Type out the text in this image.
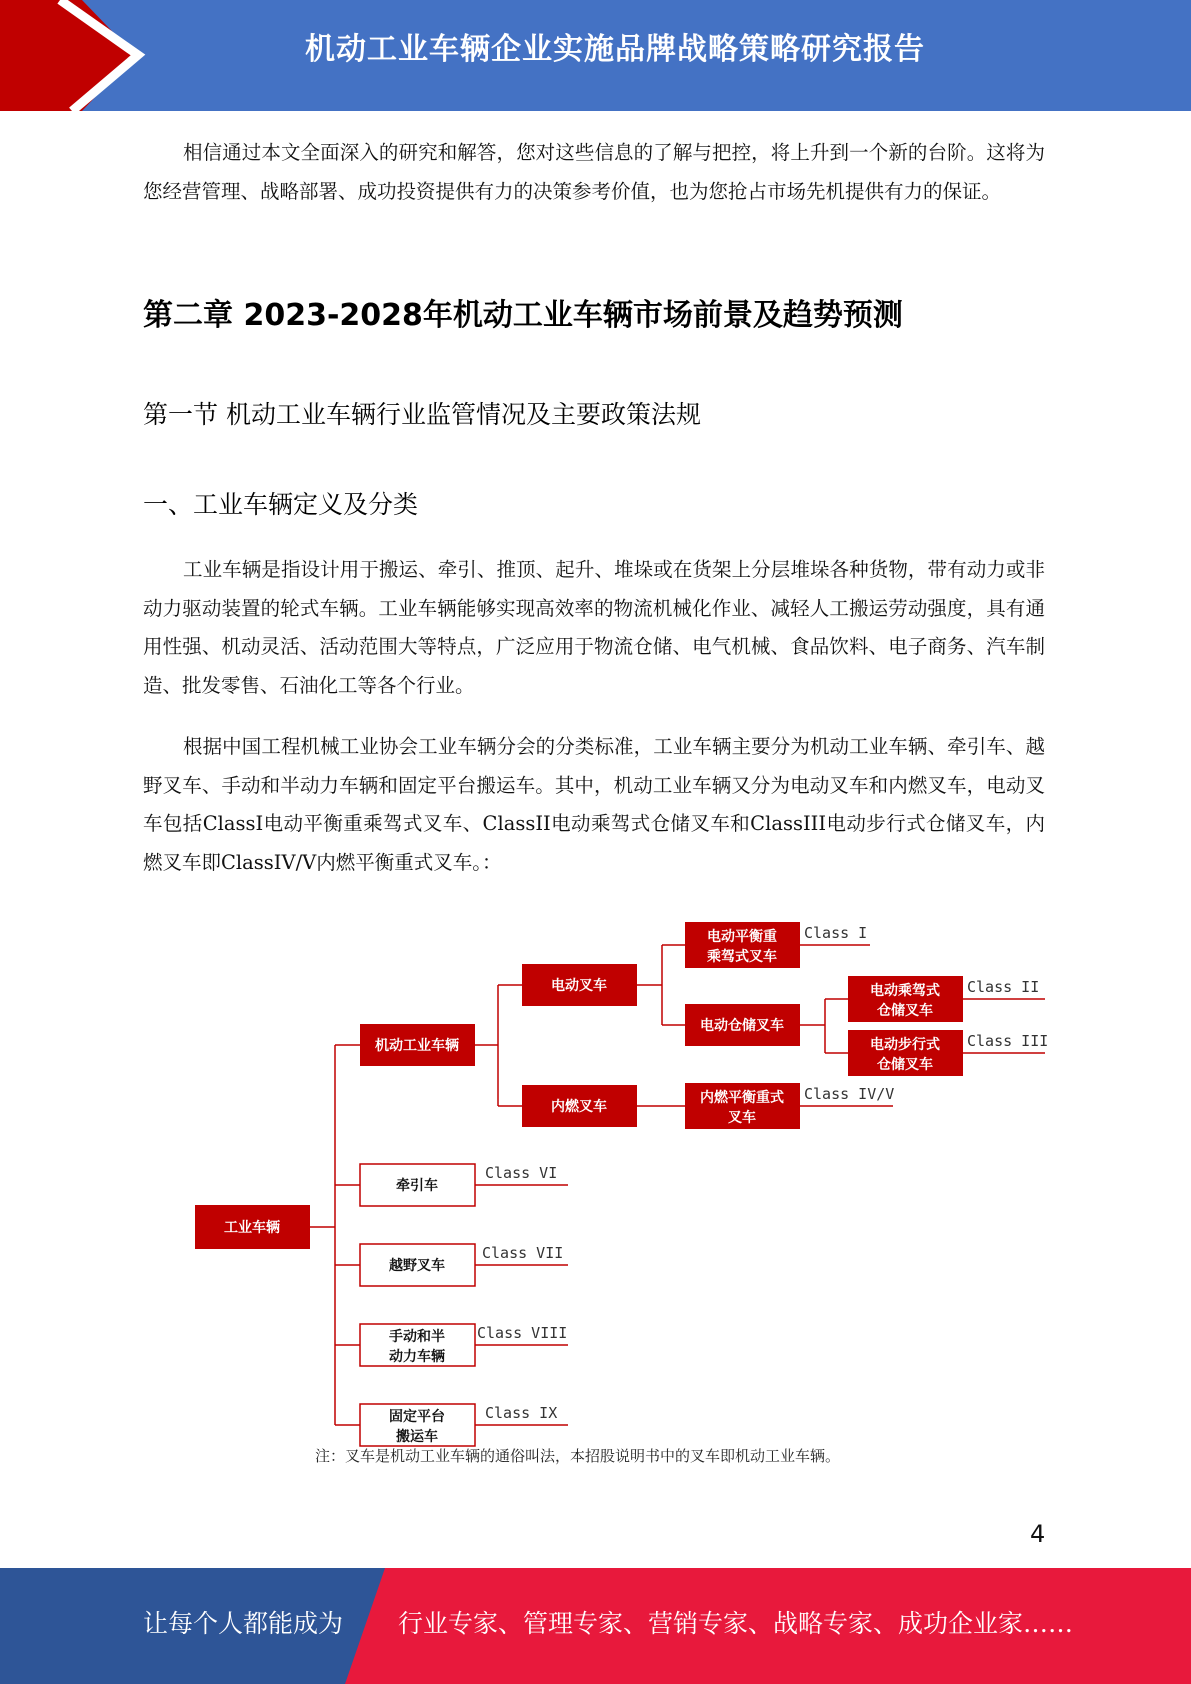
机动工业车辆企业实施品牌战略策略研究报告

相信通过本文全面深入的研究和解答，您对这些信息的了解与把控，将上升到一个新的台阶。这将为您经营管理、战略部署、成功投资提供有力的决策参考价值，也为您抢占市场先机提供有力的保证。

第二章 2023-2028年机动工业车辆市场前景及趋势预测
第一节 机动工业车辆行业监管情况及主要政策法规
一、工业车辆定义及分类

工业车辆是指设计用于搬运、牵引、推顶、起升、堆垛或在货架上分层堆垛各种货物，带有动力或非动力驱动装置的轮式车辆。工业车辆能够实现高效率的物流机械化作业、减轻人工搬运劳动强度，具有通用性强、机动灵活、活动范围大等特点，广泛应用于物流仓储、电气机械、食品饮料、电子商务、汽车制造、批发零售、石油化工等各个行业。

根据中国工程机械工业协会工业车辆分会的分类标准，工业车辆主要分为机动工业车辆、牵引车、越野叉车、手动和半动力车辆和固定平台搬运车。其中，机动工业车辆又分为电动叉车和内燃叉车，电动叉车包括ClassI电动平衡重乘驾式叉车、ClassII电动乘驾式仓储叉车和ClassIII电动步行式仓储叉车，内燃叉车即ClassIV/V内燃平衡重式叉车。：

工业车辆
机动工业车辆
电动叉车
内燃叉车
电动平衡重
乘驾式叉车
电动仓储叉车
电动乘驾式
仓储叉车
电动步行式
仓储叉车
内燃平衡重式
叉车
牵引车
越野叉车
手动和半
动力车辆
固定平台
搬运车
Class I
Class II
Class III
Class IV/V
Class VI
Class VII
Class VIII
Class IX
注：叉车是机动工业车辆的通俗叫法，本招股说明书中的叉车即机动工业车辆。
4
让每个人都能成为 行业专家、管理专家、营销专家、战略专家、成功企业家……
